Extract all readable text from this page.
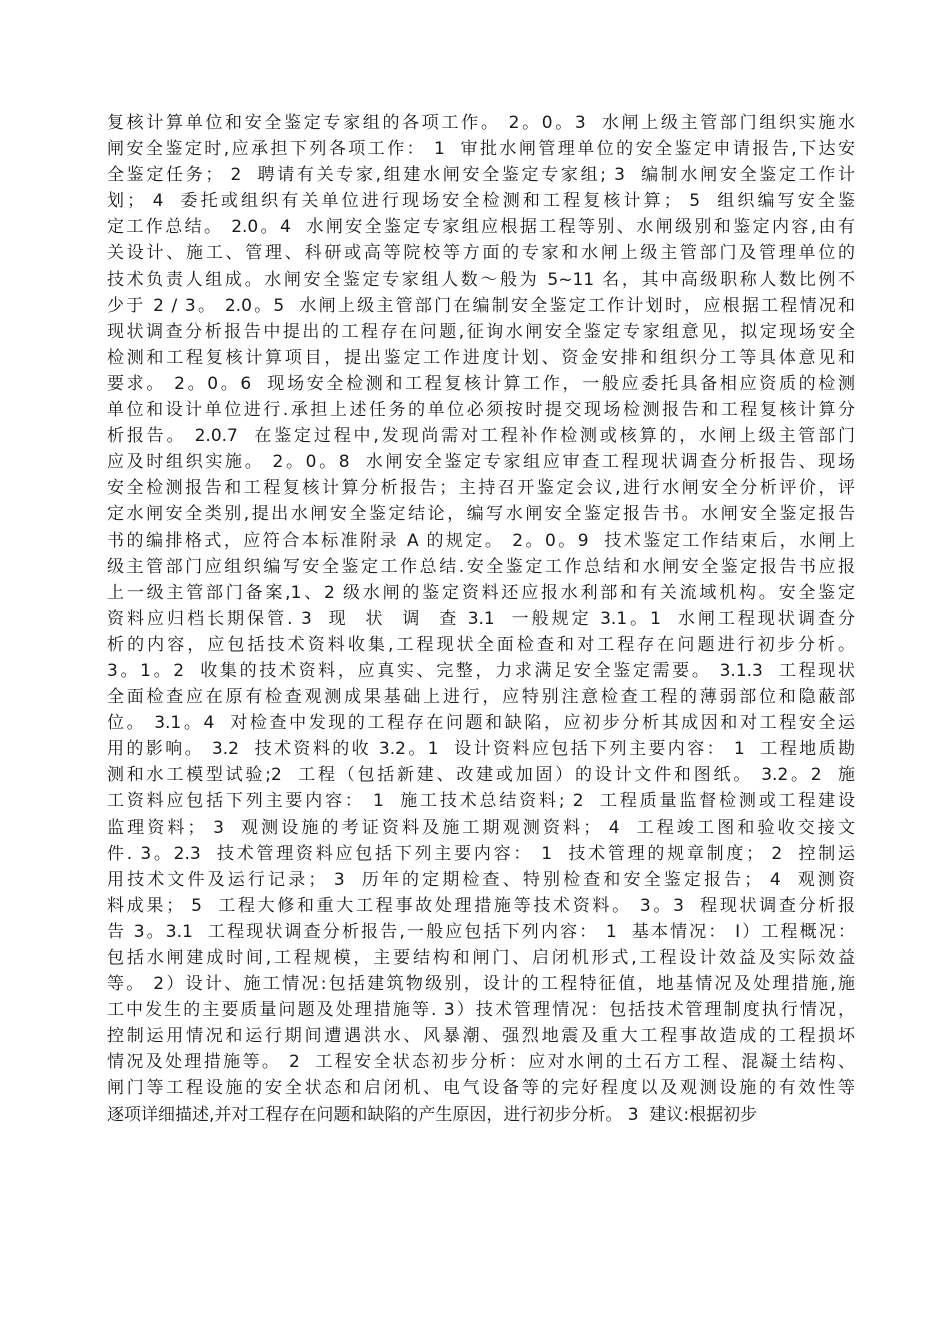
复核计算单位和安全鉴定专家组的各项工作。 2。0。3  水闸上级主管部门组织实施水
闸安全鉴定时,应承担下列各项工作： 1  审批水闸管理单位的安全鉴定申请报告,下达安
全鉴定任务； 2  聘请有关专家,组建水闸安全鉴定专家组; 3  编制水闸安全鉴定工作计
划； 4  委托或组织有关单位进行现场安全检测和工程复核计算； 5  组织编写安全鉴
定工作总结。 2.0。4  水闸安全鉴定专家组应根据工程等别、水闸级别和鉴定内容,由有
关设计、施工、管理、科研或高等院校等方面的专家和水闸上级主管部门及管理单位的
技术负责人组成。水闸安全鉴定专家组人数～般为 5~11 名，其中高级职称人数比例不
少于 2 / 3。 2.0。5  水闸上级主管部门在编制安全鉴定工作计划时，应根据工程情况和
现状调查分析报告中提出的工程存在问题,征询水闸安全鉴定专家组意见，拟定现场安全
检测和工程复核计算项目，提出鉴定工作进度计划、资金安排和组织分工等具体意见和
要求。 2。0。6  现场安全检测和工程复核计算工作，一般应委托具备相应资质的检测
单位和设计单位进行.承担上述任务的单位必须按时提交现场检测报告和工程复核计算分
析报告。 2.0.7  在鉴定过程中,发现尚需对工程补作检测或核算的，水闸上级主管部门
应及时组织实施。 2。0。8  水闸安全鉴定专家组应审查工程现状调查分析报告、现场
安全检测报告和工程复核计算分析报告；主持召开鉴定会议,进行水闸安全分析评价，评
定水闸安全类别,提出水闸安全鉴定结论，编写水闸安全鉴定报告书。水闸安全鉴定报告
书的编排格式，应符合本标准附录 A 的规定。 2。0。9  技术鉴定工作结束后，水闸上
级主管部门应组织编写安全鉴定工作总结.安全鉴定工作总结和水闸安全鉴定报告书应报
上一级主管部门备案,1、2 级水闸的鉴定资料还应报水利部和有关流域机构。安全鉴定
资料应归档长期保管. 3  现  状  调  查 3.1  一般规定 3.1。1  水闸工程现状调查分
析的内容，应包括技术资料收集,工程现状全面检查和对工程存在问题进行初步分析。
3。1。2  收集的技术资料，应真实、完整，力求满足安全鉴定需要。 3.1.3  工程现状
全面检查应在原有检查观测成果基础上进行，应特别注意检查工程的薄弱部位和隐蔽部
位。 3.1。4  对检查中发现的工程存在问题和缺陷，应初步分析其成因和对工程安全运
用的影响。 3.2  技术资料的收 3.2。1  设计资料应包括下列主要内容： 1  工程地质勘
测和水工模型试验;2  工程（包括新建、改建或加固）的设计文件和图纸。 3.2。2  施
工资料应包括下列主要内容： 1  施工技术总结资料; 2  工程质量监督检测或工程建设
监理资料； 3  观测设施的考证资料及施工期观测资料； 4  工程竣工图和验收交接文
件. 3。2.3  技术管理资料应包括下列主要内容： 1  技术管理的规章制度； 2  控制运
用技术文件及运行记录； 3  历年的定期检查、特别检查和安全鉴定报告； 4  观测资
料成果； 5  工程大修和重大工程事故处理措施等技术资料。 3。3  程现状调查分析报
告 3。3.1  工程现状调查分析报告,一般应包括下列内容： 1  基本情况： I）工程概况：
包括水闸建成时间,工程规模，主要结构和闸门、启闭机形式,工程设计效益及实际效益
等。 2）设计、施工情况:包括建筑物级别，设计的工程特征值，地基情况及处理措施,施
工中发生的主要质量问题及处理措施等. 3）技术管理情况：包括技术管理制度执行情况，
控制运用情况和运行期间遭遇洪水、风暴潮、强烈地震及重大工程事故造成的工程损坏
情况及处理措施等。 2  工程安全状态初步分析：应对水闸的土石方工程、混凝土结构、
闸门等工程设施的安全状态和启闭机、电气设备等的完好程度以及观测设施的有效性等
逐项详细描述,并对工程存在问题和缺陷的产生原因，进行初步分析。 3  建议:根据初步
